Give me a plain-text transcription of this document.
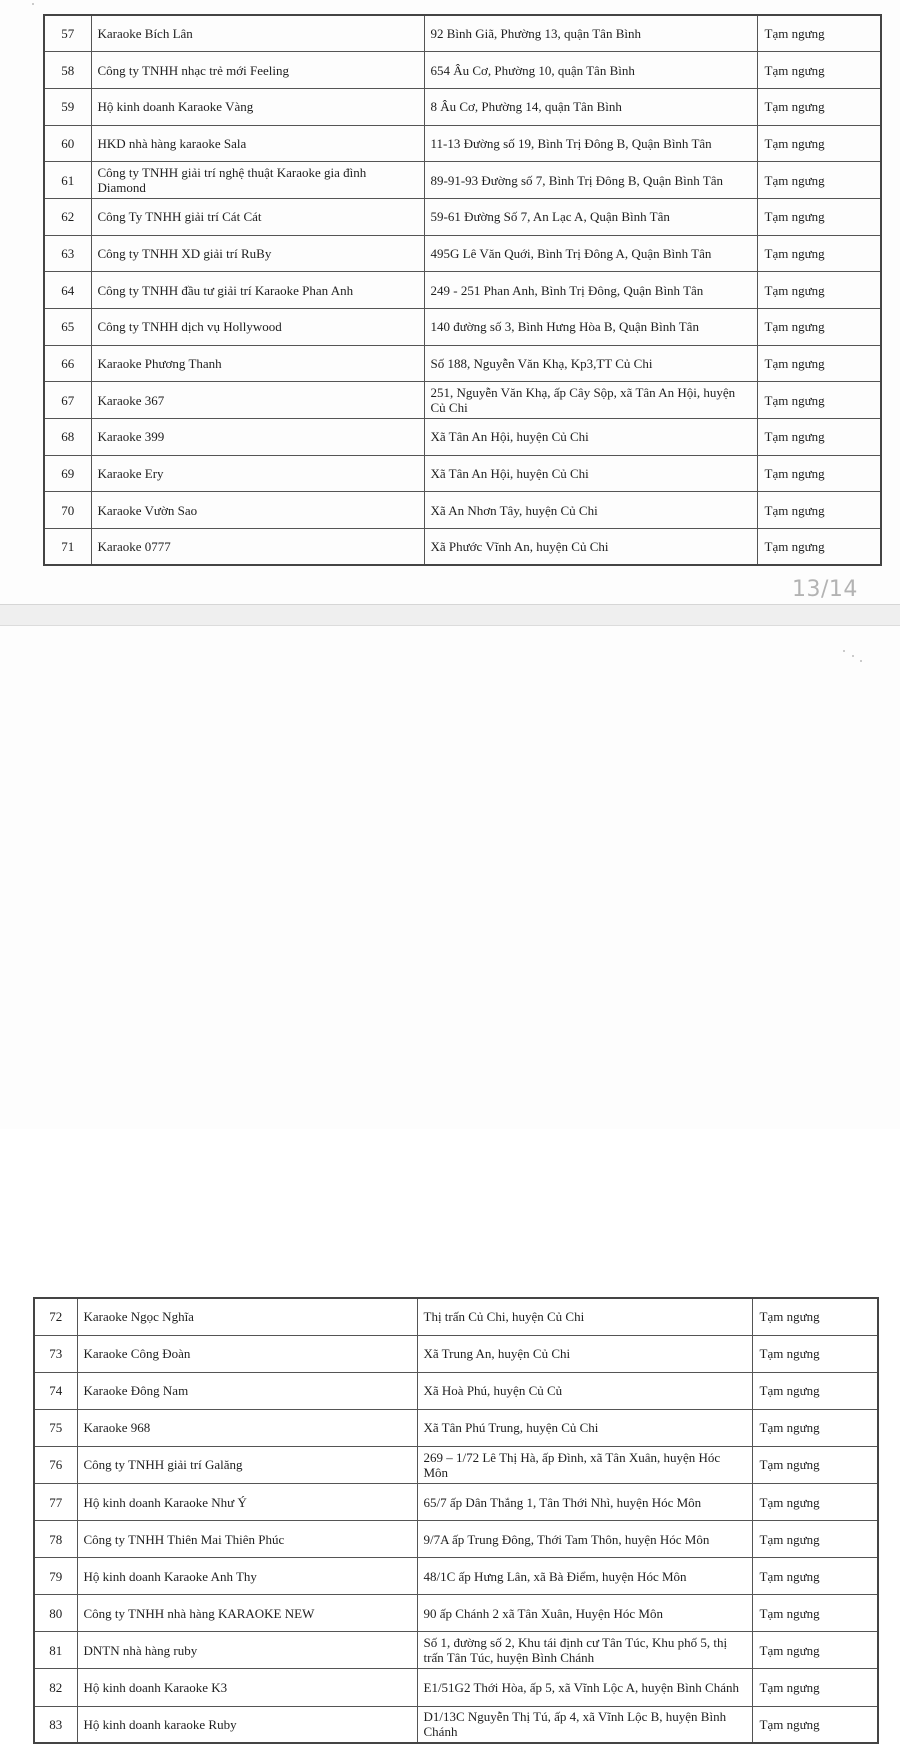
57	Karaoke Bích Lân	92 Bình Giã, Phường 13, quận Tân Bình	Tạm ngưng
58	Công ty TNHH nhạc trẻ mới Feeling	654 Âu Cơ, Phường 10, quận Tân Bình	Tạm ngưng
59	Hộ kinh doanh Karaoke Vàng	8 Âu Cơ, Phường 14, quận Tân Bình	Tạm ngưng
60	HKD nhà hàng karaoke Sala	11-13 Đường số 19, Bình Trị Đông B, Quận Bình Tân	Tạm ngưng
61	Công ty TNHH giải trí nghệ thuật Karaoke gia đình Diamond	89-91-93 Đường số 7, Bình Trị Đông B, Quận Bình Tân	Tạm ngưng
62	Công Ty TNHH giải trí Cát Cát	59-61 Đường Số 7, An Lạc A, Quận Bình Tân	Tạm ngưng
63	Công ty TNHH XD giải trí RuBy	495G Lê Văn Quới, Bình Trị Đông A, Quận Bình Tân	Tạm ngưng
64	Công ty TNHH đầu tư giải trí Karaoke Phan Anh	249 - 251 Phan Anh, Bình Trị Đông, Quận Bình Tân	Tạm ngưng
65	Công ty TNHH dịch vụ Hollywood	140 đường số 3, Bình Hưng Hòa B, Quận Bình Tân	Tạm ngưng
66	Karaoke Phương Thanh	Số 188, Nguyễn Văn Khạ, Kp3,TT Củ Chi	Tạm ngưng
67	Karaoke 367	251, Nguyễn Văn Khạ, ấp Cây Sộp, xã Tân An Hội, huyện Củ Chi	Tạm ngưng
68	Karaoke 399	Xã Tân An Hội, huyện Củ Chi	Tạm ngưng
69	Karaoke Ery	Xã Tân An Hội, huyện Củ Chi	Tạm ngưng
70	Karaoke Vườn Sao	Xã An Nhơn Tây, huyện Củ Chi	Tạm ngưng
71	Karaoke 0777	Xã Phước Vĩnh An, huyện Củ Chi	Tạm ngưng
13/14
72	Karaoke Ngọc Nghĩa	Thị trấn Củ Chi, huyện Củ Chi	Tạm ngưng
73	Karaoke Công Đoàn	Xã Trung An, huyện Củ Chi	Tạm ngưng
74	Karaoke Đông Nam	Xã Hoà Phú, huyện Củ Củ	Tạm ngưng
75	Karaoke 968	Xã Tân Phú Trung, huyện Củ Chi	Tạm ngưng
76	Công ty TNHH giải trí Galăng	269 – 1/72 Lê Thị Hà, ấp Đình, xã Tân Xuân, huyện Hóc Môn	Tạm ngưng
77	Hộ kinh doanh Karaoke Như Ý	65/7 ấp Dân Thắng 1, Tân Thới Nhì, huyện Hóc Môn	Tạm ngưng
78	Công ty TNHH Thiên Mai Thiên Phúc	9/7A ấp Trung Đông, Thới Tam Thôn, huyện Hóc Môn	Tạm ngưng
79	Hộ kinh doanh Karaoke Anh Thy	48/1C ấp Hưng Lân, xã Bà Điểm, huyện Hóc Môn	Tạm ngưng
80	Công ty TNHH nhà hàng KARAOKE NEW	90 ấp Chánh 2 xã Tân Xuân, Huyện Hóc Môn	Tạm ngưng
81	DNTN nhà hàng ruby	Số 1, đường số 2, Khu tái định cư Tân Túc, Khu phố 5, thị trấn Tân Túc, huyện Bình Chánh	Tạm ngưng
82	Hộ kinh doanh Karaoke K3	E1/51G2 Thới Hòa, ấp 5, xã Vĩnh Lộc A, huyện Bình Chánh	Tạm ngưng
83	Hộ kinh doanh karaoke Ruby	D1/13C Nguyễn Thị Tú, ấp 4, xã Vĩnh Lộc B, huyện Bình Chánh	Tạm ngưng
